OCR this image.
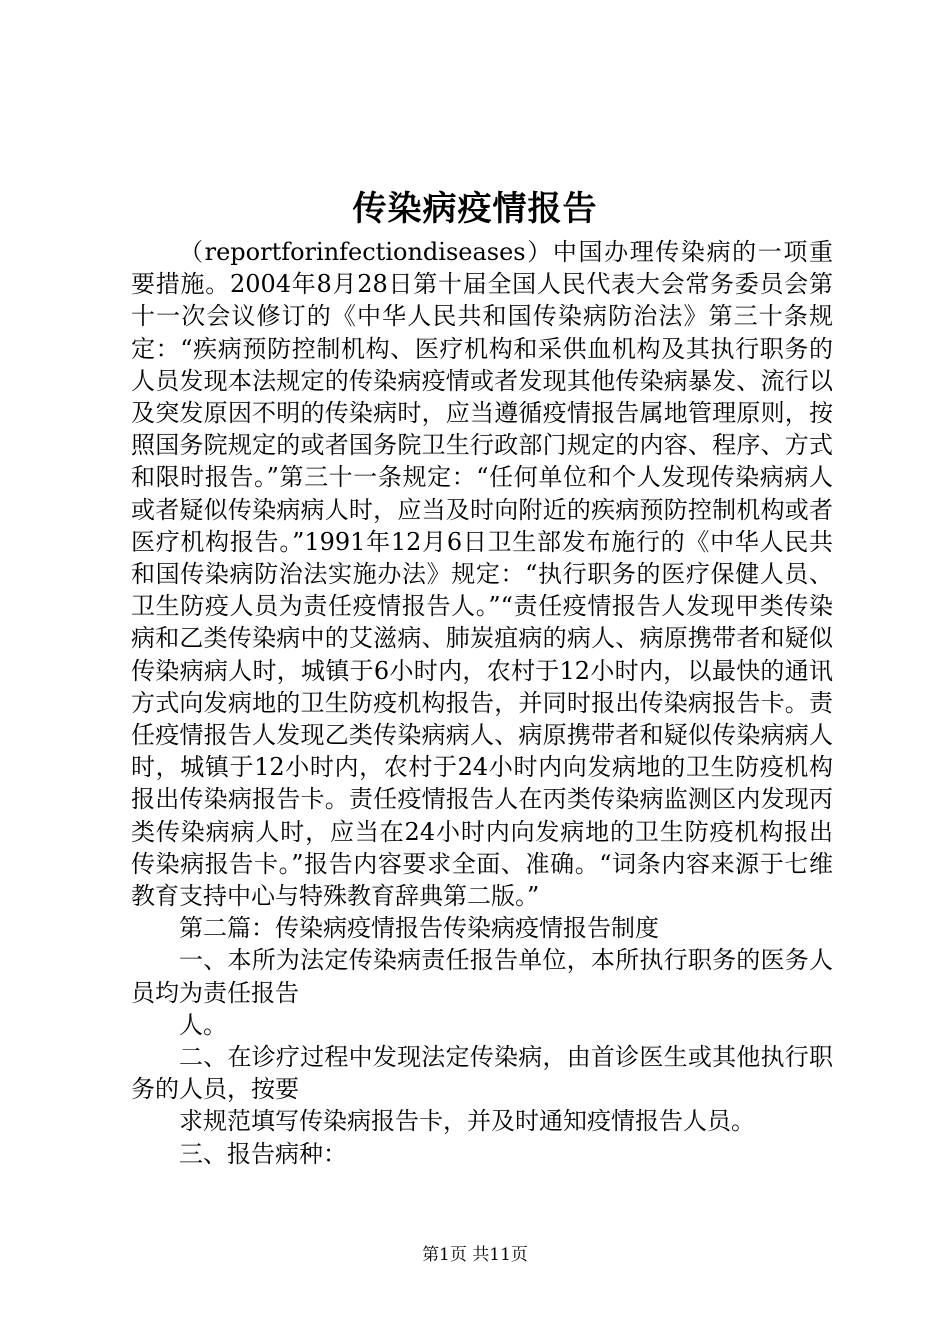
传染病疫情报告

（reportforinfectiondiseases）中国办理传染病的一项重要措施。2004年8月28日第十届全国人民代表大会常务委员会第十一次会议修订的《中华人民共和国传染病防治法》第三十条规定：“疾病预防控制机构、医疗机构和采供血机构及其执行职务的人员发现本法规定的传染病疫情或者发现其他传染病暴发、流行以及突发原因不明的传染病时，应当遵循疫情报告属地管理原则，按照国务院规定的或者国务院卫生行政部门规定的内容、程序、方式和限时报告。”第三十一条规定：“任何单位和个人发现传染病病人或者疑似传染病病人时，应当及时向附近的疾病预防控制机构或者医疗机构报告。”1991年12月6日卫生部发布施行的《中华人民共和国传染病防治法实施办法》规定：“执行职务的医疗保健人员、卫生防疫人员为责任疫情报告人。”“责任疫情报告人发现甲类传染病和乙类传染病中的艾滋病、肺炭疽病的病人、病原携带者和疑似传染病病人时，城镇于6小时内，农村于12小时内，以最快的通讯方式向发病地的卫生防疫机构报告，并同时报出传染病报告卡。责任疫情报告人发现乙类传染病病人、病原携带者和疑似传染病病人时，城镇于12小时内，农村于24小时内向发病地的卫生防疫机构报出传染病报告卡。责任疫情报告人在丙类传染病监测区内发现丙类传染病病人时，应当在24小时内向发病地的卫生防疫机构报出传染病报告卡。”报告内容要求全面、准确。“词条内容来源于七维教育支持中心与特殊教育辞典第二版。”

第二篇：传染病疫情报告传染病疫情报告制度

一、本所为法定传染病责任报告单位，本所执行职务的医务人员均为责任报告

人。

二、在诊疗过程中发现法定传染病，由首诊医生或其他执行职务的人员，按要

求规范填写传染病报告卡，并及时通知疫情报告人员。

三、报告病种：

第1页 共11页
